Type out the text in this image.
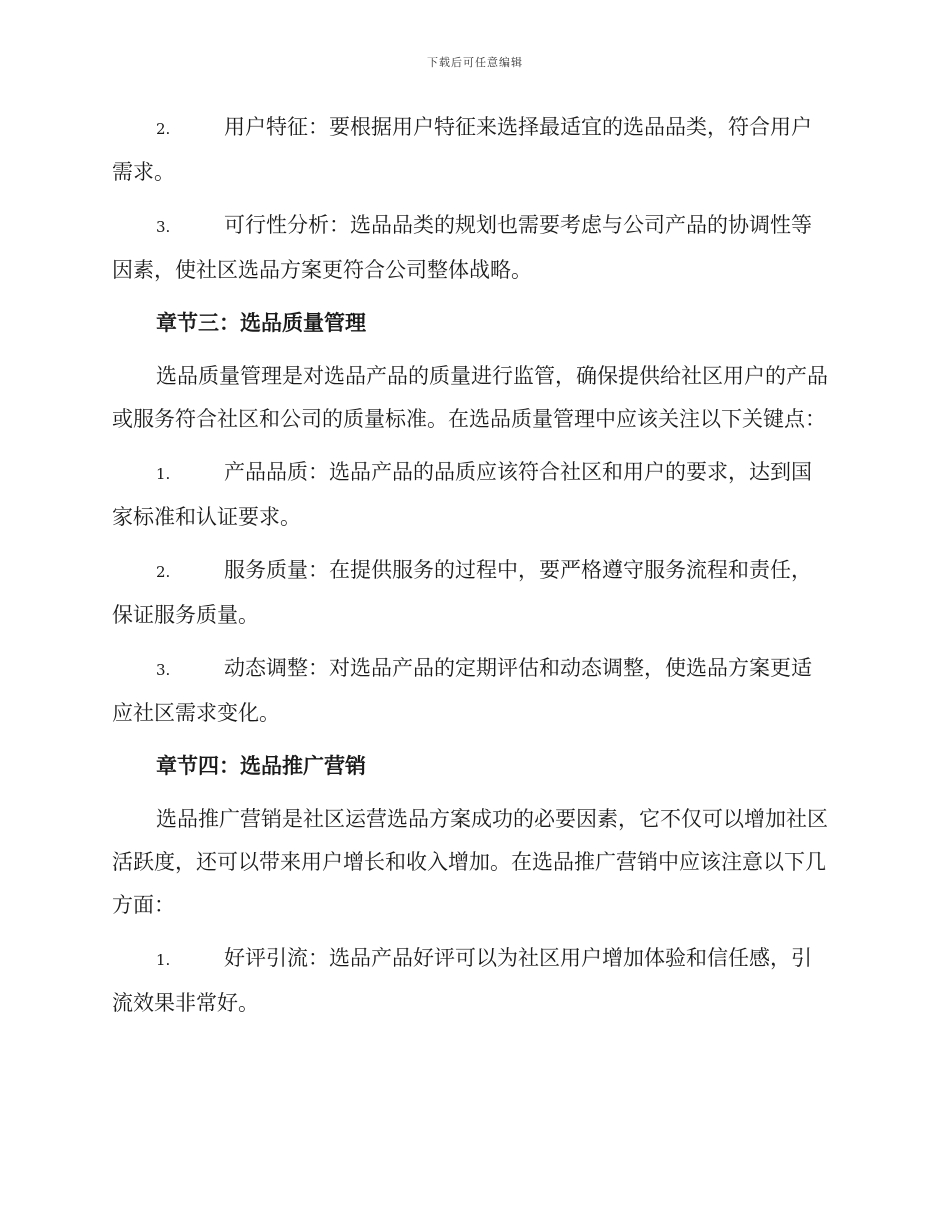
下载后可任意编辑

2.	用户特征：要根据用户特征来选择最适宜的选品品类，符合用户需求。

3.	可行性分析：选品品类的规划也需要考虑与公司产品的协调性等因素，使社区选品方案更符合公司整体战略。

章节三：选品质量管理

选品质量管理是对选品产品的质量进行监管，确保提供给社区用户的产品或服务符合社区和公司的质量标准。在选品质量管理中应该关注以下关键点：

1.	产品品质：选品产品的品质应该符合社区和用户的要求，达到国家标准和认证要求。

2.	服务质量：在提供服务的过程中，要严格遵守服务流程和责任，保证服务质量。

3.	动态调整：对选品产品的定期评估和动态调整，使选品方案更适应社区需求变化。

章节四：选品推广营销

选品推广营销是社区运营选品方案成功的必要因素，它不仅可以增加社区活跃度，还可以带来用户增长和收入增加。在选品推广营销中应该注意以下几方面：

1.	好评引流：选品产品好评可以为社区用户增加体验和信任感，引流效果非常好。
